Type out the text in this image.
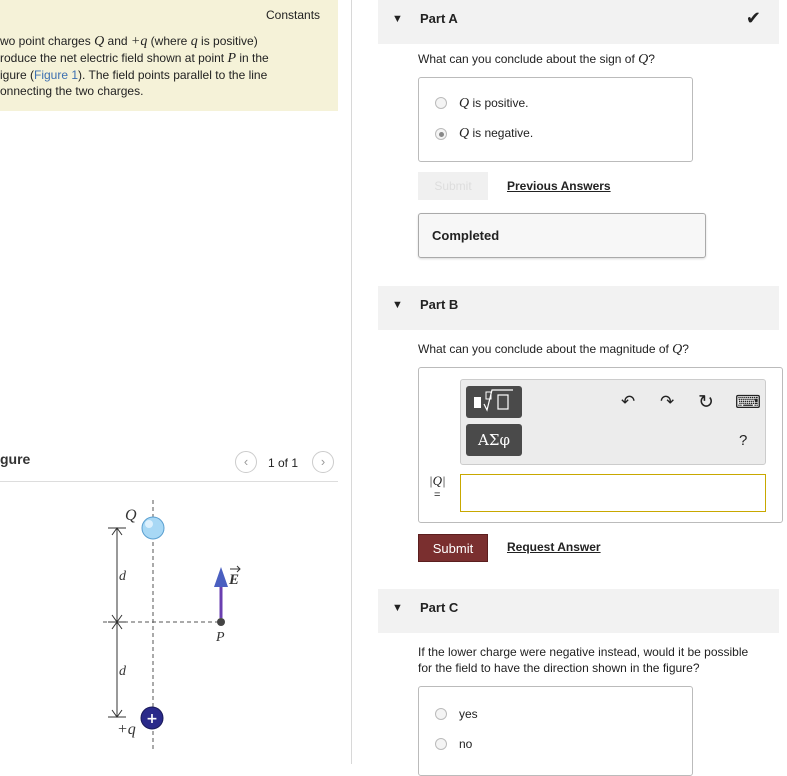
Constants
wo point charges Q and +q (where q is positive)
roduce the net electric field shown at point P in the
igure (Figure 1). The field points parallel to the line
onnecting the two charges.
gure	‹	1 of 1	›
d
d
Q
+
+q
P
E
▼ Part A	✔
What can you conclude about the sign of Q?
Q is positive.
Q is negative.
Submit	Previous Answers
Completed
▼ Part B
What can you conclude about the magnitude of Q?
ΑΣφ
↶ ↷ ↻ ⌨
?
|Q|
=
Submit	Request Answer
▼ Part C
If the lower charge were negative instead, would it be possible
for the field to have the direction shown in the figure?
yes
no
